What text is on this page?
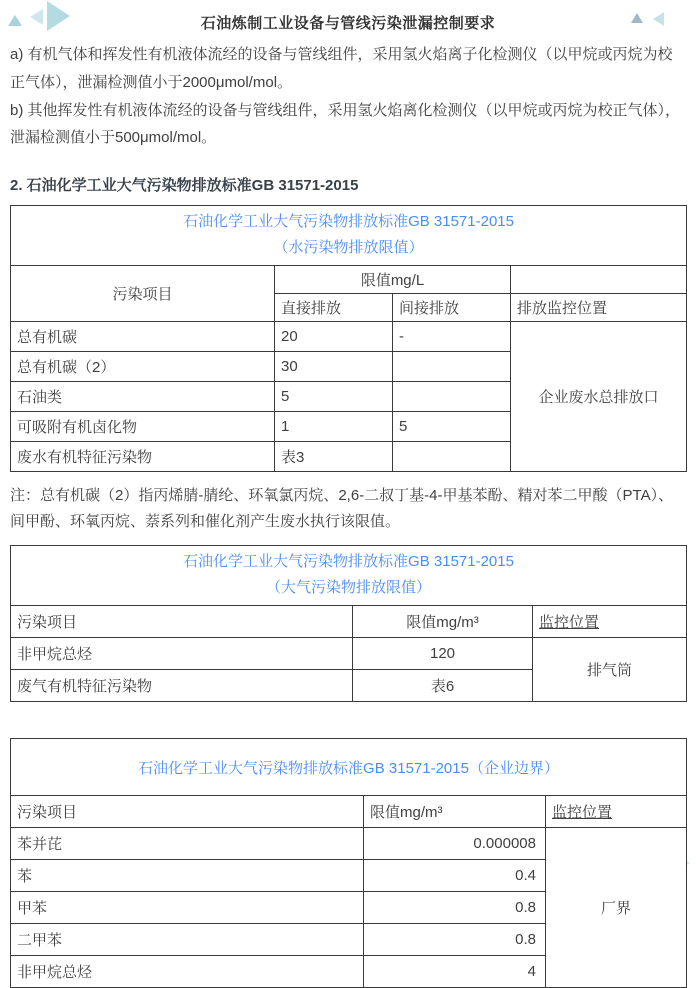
石油炼制工业设备与管线污染泄漏控制要求

a) 有机气体和挥发性有机液体流经的设备与管线组件，采用氢火焰离子化检测仪（以甲烷或丙烷为校正气体），泄漏检测值小于2000μmol/mol。

b) 其他挥发性有机液体流经的设备与管线组件，采用氢火焰离化检测仪（以甲烷或丙烷为校正气体），泄漏检测值小于500μmol/mol。

2. 石油化学工业大气污染物排放标准GB 31571-2015
石油化学工业大气污染物排放标准GB 31571-2015
（水污染物排放限值）			

污染项目	限值mg/L		
	直接排放	间接排放	排放监控位置
总有机碳	20	-	企业废水总排放口
总有机碳（2）	30		
石油类	5		
可吸附有机卤化物	1	5	
废水有机特征污染物	表3		

注：总有机碳（2）指丙烯腈-腈纶、环氧氯丙烷、2,6-二叔丁基-4-甲基苯酚、精对苯二甲酸（PTA）、间甲酚、环氧丙烷、萘系列和催化剂产生废水执行该限值。

石油化学工业大气污染物排放标准GB 31571-2015
（大气污染物排放限值）		

污染项目	限值mg/m³	监控位置
非甲烷总烃	120	排气筒
废气有机特征污染物	表6	
石油化学工业大气污染物排放标准GB 31571-2015（企业边界）		

污染项目	限值mg/m³	监控位置
苯并芘	0.000008	厂界
苯	0.4	
甲苯	0.8	
二甲苯	0.8	
非甲烷总烃	4	
